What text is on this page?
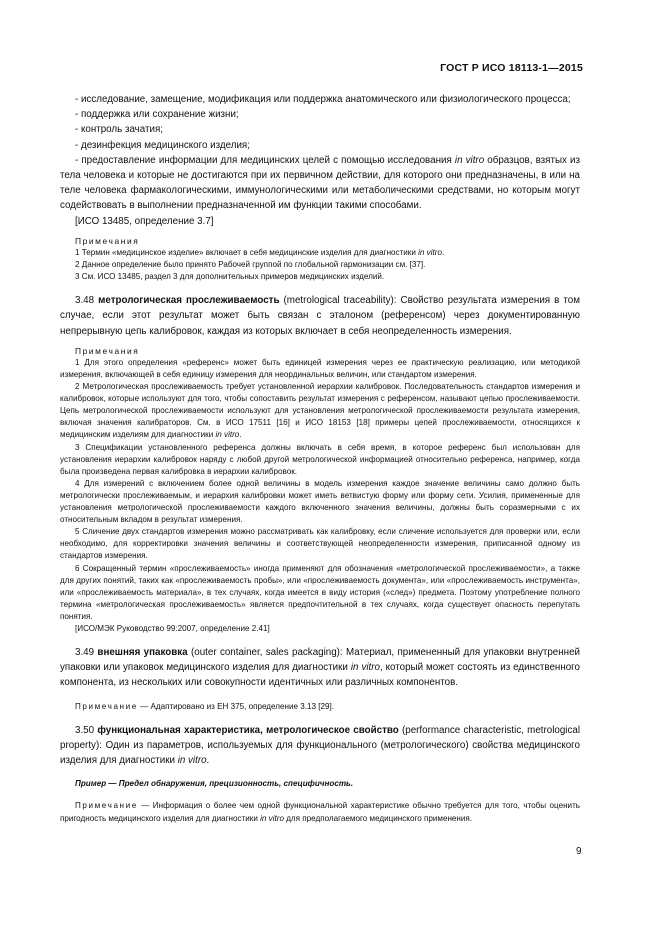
ГОСТ Р ИСО 18113-1—2015

- исследование, замещение, модификация или поддержка анатомического или физиологического процесса;

- поддержка или сохранение жизни;

- контроль зачатия;

- дезинфекция медицинского изделия;

- предоставление информации для медицинских целей с помощью исследования in vitro образцов, взятых из тела человека и которые не достигаются при их первичном действии, для которого они предназначены, в или на теле человека фармакологическими, иммунологическими или метаболическими средствами, но которым могут содействовать в выполнении предназначенной им функции такими способами.

[ИСО 13485, определение 3.7]

Примечания

1 Термин «медицинское изделие» включает в себя медицинские изделия для диагностики in vitro.

2 Данное определение было принято Рабочей группой по глобальной гармонизации см. [37].

3 См. ИСО 13485, раздел 3 для дополнительных примеров медицинских изделий.

3.48 метрологическая прослеживаемость (metrological traceability): Свойство результата измерения в том случае, если этот результат может быть связан с эталоном (референсом) через документированную непрерывную цепь калибровок, каждая из которых включает в себя неопределенность измерения.

Примечания

1 Для этого определения «референс» может быть единицей измерения через ее практическую реализацию, или методикой измерения, включающей в себя единицу измерения для неординальных величин, или стандартом измерения.

2 Метрологическая прослеживаемость требует установленной иерархии калибровок. Последовательность стандартов измерения и калибровок, которые используют для того, чтобы сопоставить результат измерения с референсом, называют цепью прослеживаемости. Цепь метрологической прослеживаемости используют для установления метрологической прослеживаемости результата измерения, включая значения калибраторов. См. в ИСО 17511 [16] и ИСО 18153 [18] примеры цепей прослеживаемости, относящихся к медицинским изделиям для диагностики in vitro.

3 Спецификации установленного референса должны включать в себя время, в которое референс был использован для установления иерархии калибровок наряду с любой другой метрологической информацией относительно референса, например, когда была произведена первая калибровка в иерархии калибровок.

4 Для измерений с включением более одной величины в модель измерения каждое значение величины само должно быть метрологически прослеживаемым, и иерархия калибровки может иметь ветвистую форму или форму сети. Усилия, примененные для установления метрологической прослеживаемости каждого включенного значения величины, должны быть соразмерными с их относительным вкладом в результат измерения.

5 Сличение двух стандартов измерения можно рассматривать как калибровку, если сличение используется для проверки или, если необходимо, для корректировки значения величины и соответствующей неопределенности измерения, приписанной одному из стандартов измерения.

6 Сокращенный термин «прослеживаемость» иногда применяют для обозначения «метрологической прослеживаемости», а также для других понятий, таких как «прослеживаемость пробы», или «прослеживаемость документа», или «прослеживаемость инструмента», или «прослеживаемость материала», в тех случаях, когда имеется в виду история («след») предмета. Поэтому употребление полного термина «метрологическая прослеживаемость» является предпочтительной в тех случаях, когда существует опасность перепутать понятия.

[ИСО/МЭК Руководство 99:2007, определение 2.41]

3.49 внешняя упаковка (outer container, sales packaging): Материал, примененный для упаковки внутренней упаковки или упаковок медицинского изделия для диагностики in vitro, который может состоять из единственного компонента, из нескольких или совокупности идентичных или различных компонентов.

Примечание — Адаптировано из ЕН 375, определение 3.13 [29].

3.50 функциональная характеристика, метрологическое свойство (performance characteristic, metrological property): Один из параметров, используемых для функционального (метрологического) свойства медицинского изделия для диагностики in vitro.

Пример — Предел обнаружения, прецизионность, специфичность.

Примечание — Информация о более чем одной функциональной характеристике обычно требуется для того, чтобы оценить пригодность медицинского изделия для диагностики in vitro для предполагаемого медицинского применения.

9
